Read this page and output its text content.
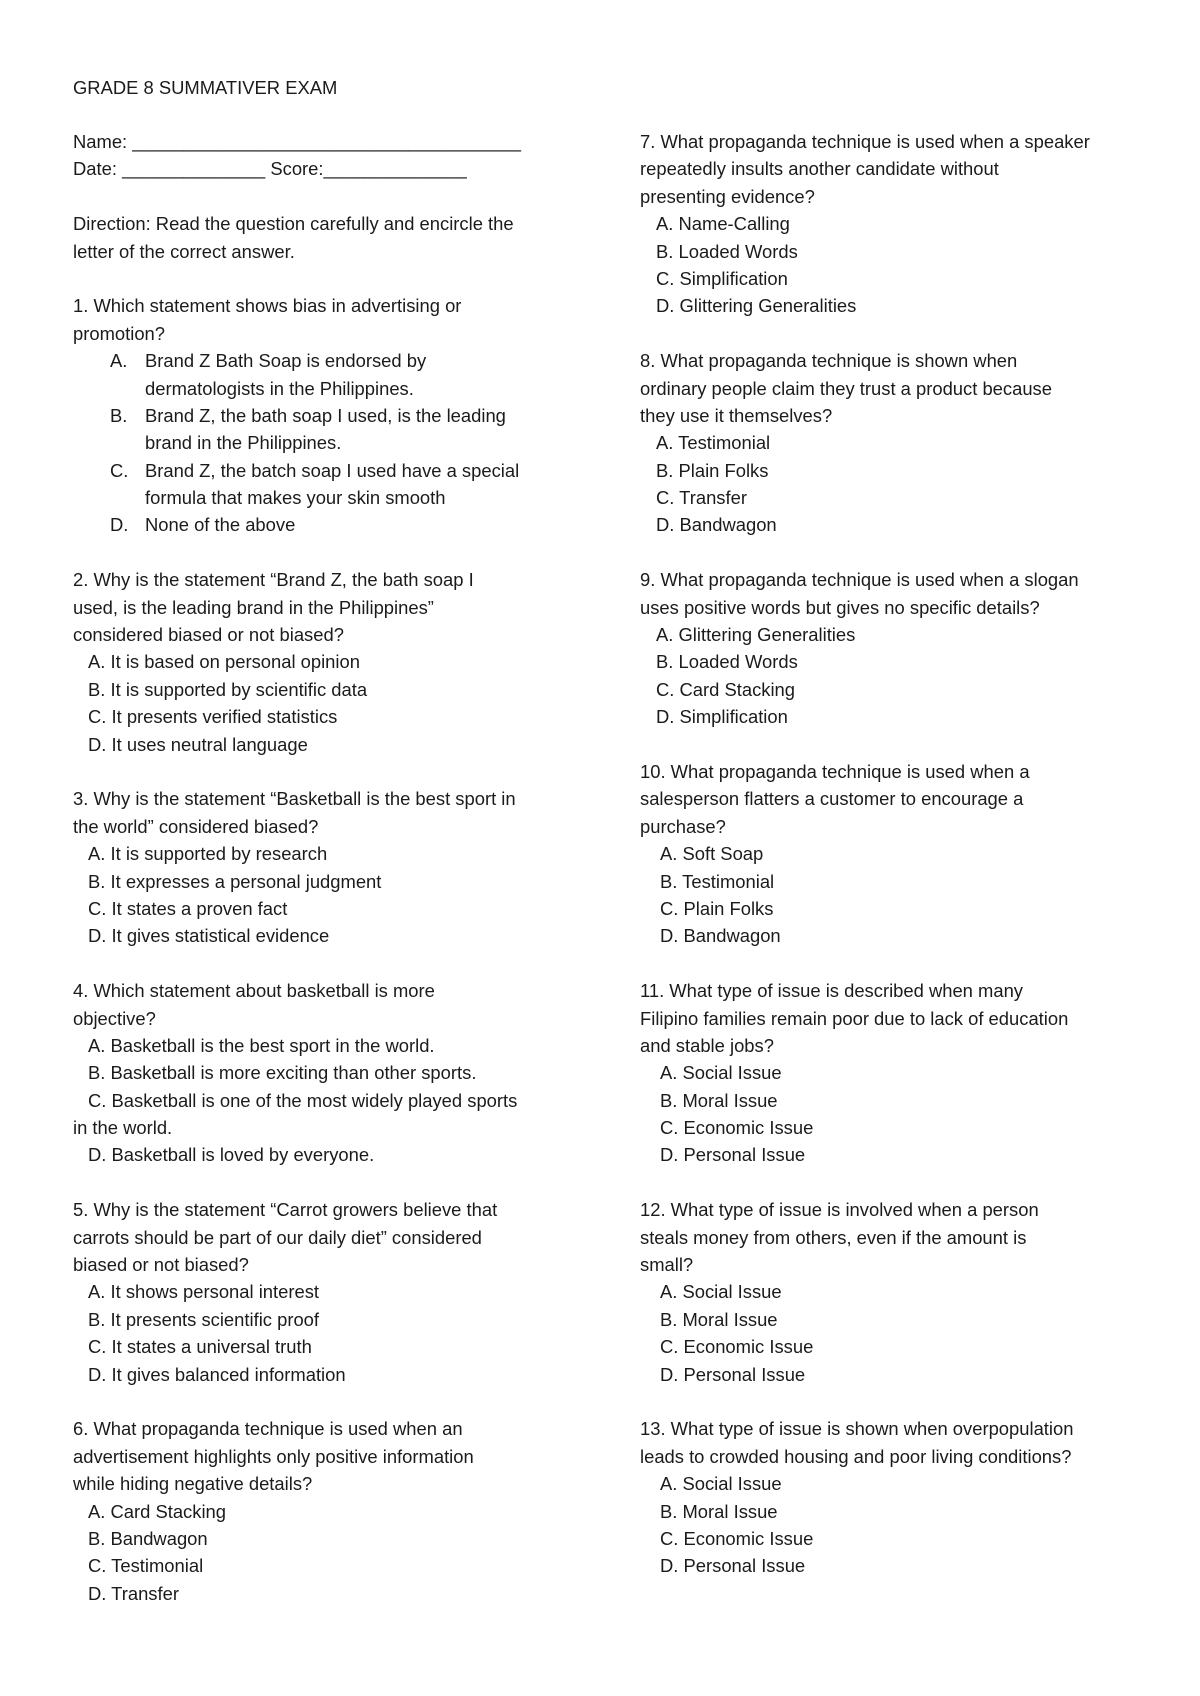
GRADE 8 SUMMATIVER EXAM
Name: ______________________________________
Date: ______________ Score:______________
Direction: Read the question carefully and encircle the
letter of the correct answer.
1. Which statement shows bias in advertising or
promotion?
A. Brand Z Bath Soap is endorsed by
dermatologists in the Philippines.
B. Brand Z, the bath soap I used, is the leading
brand in the Philippines.
C. Brand Z, the batch soap I used have a special
formula that makes your skin smooth
D. None of the above
2. Why is the statement “Brand Z, the bath soap I
used, is the leading brand in the Philippines”
considered biased or not biased?
A. It is based on personal opinion
B. It is supported by scientific data
C. It presents verified statistics
D. It uses neutral language
3. Why is the statement “Basketball is the best sport in
the world” considered biased?
A. It is supported by research
B. It expresses a personal judgment
C. It states a proven fact
D. It gives statistical evidence
4. Which statement about basketball is more
objective?
A. Basketball is the best sport in the world.
B. Basketball is more exciting than other sports.
C. Basketball is one of the most widely played sports
in the world.
D. Basketball is loved by everyone.
5. Why is the statement “Carrot growers believe that
carrots should be part of our daily diet” considered
biased or not biased?
A. It shows personal interest
B. It presents scientific proof
C. It states a universal truth
D. It gives balanced information
6. What propaganda technique is used when an
advertisement highlights only positive information
while hiding negative details?
A. Card Stacking
B. Bandwagon
C. Testimonial
D. Transfer
7. What propaganda technique is used when a speaker
repeatedly insults another candidate without
presenting evidence?
A. Name-Calling
B. Loaded Words
C. Simplification
D. Glittering Generalities
8. What propaganda technique is shown when
ordinary people claim they trust a product because
they use it themselves?
A. Testimonial
B. Plain Folks
C. Transfer
D. Bandwagon
9. What propaganda technique is used when a slogan
uses positive words but gives no specific details?
A. Glittering Generalities
B. Loaded Words
C. Card Stacking
D. Simplification
10. What propaganda technique is used when a
salesperson flatters a customer to encourage a
purchase?
A. Soft Soap
B. Testimonial
C. Plain Folks
D. Bandwagon
11. What type of issue is described when many
Filipino families remain poor due to lack of education
and stable jobs?
A. Social Issue
B. Moral Issue
C. Economic Issue
D. Personal Issue
12. What type of issue is involved when a person
steals money from others, even if the amount is
small?
A. Social Issue
B. Moral Issue
C. Economic Issue
D. Personal Issue
13. What type of issue is shown when overpopulation
leads to crowded housing and poor living conditions?
A. Social Issue
B. Moral Issue
C. Economic Issue
D. Personal Issue
